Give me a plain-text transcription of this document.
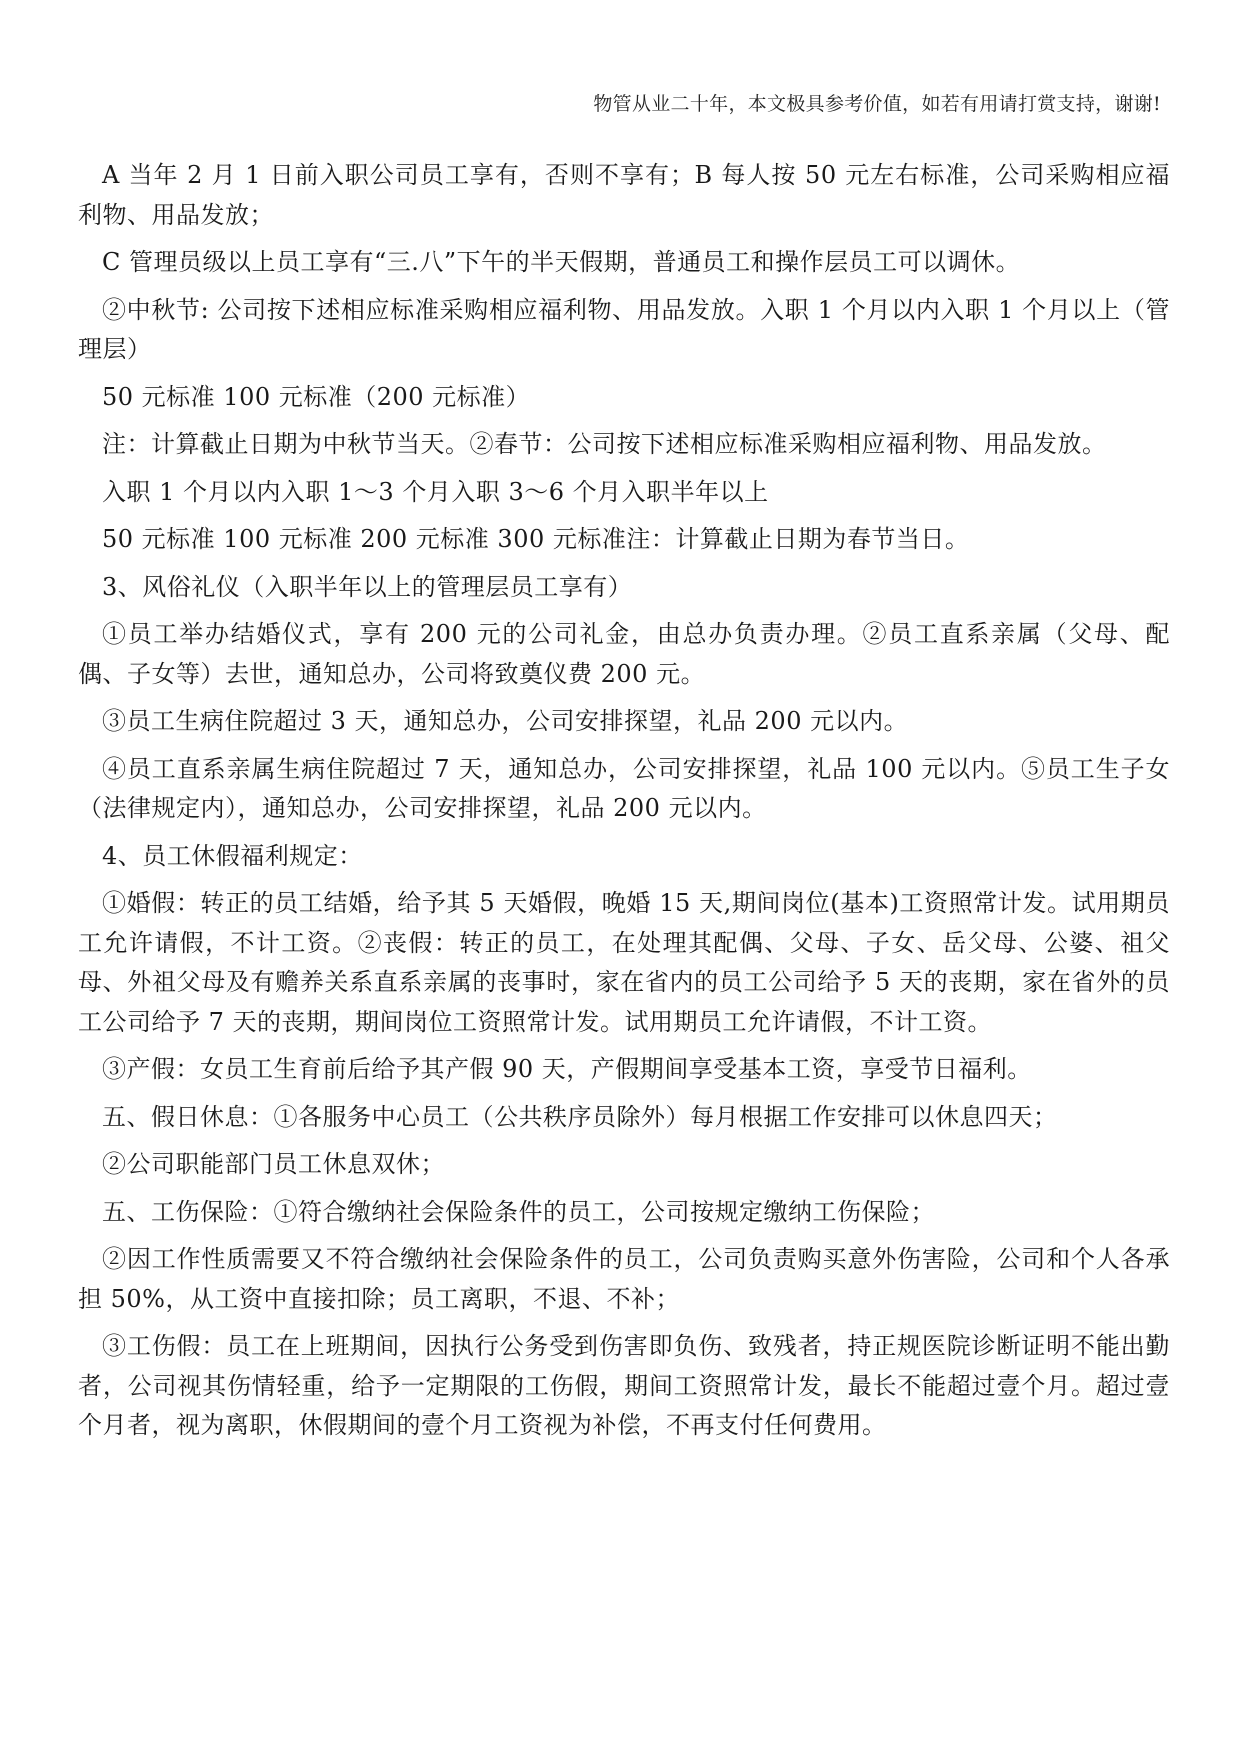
物管从业二十年，本文极具参考价值，如若有用请打赏支持，谢谢!

A 当年 2 月 1 日前入职公司员工享有，否则不享有；B 每人按 50 元左右标准，公司采购相应福利物、用品发放；

C 管理员级以上员工享有“三.八”下午的半天假期，普通员工和操作层员工可以调休。

②中秋节: 公司按下述相应标准采购相应福利物、用品发放。入职 1 个月以内入职 1 个月以上（管理层）

50 元标准 100 元标准（200 元标准）

注：计算截止日期为中秋节当天。②春节：公司按下述相应标准采购相应福利物、用品发放。

入职 1 个月以内入职 1～3 个月入职 3～6 个月入职半年以上

50 元标准 100 元标准 200 元标准 300 元标准注：计算截止日期为春节当日。

3、风俗礼仪（入职半年以上的管理层员工享有）

①员工举办结婚仪式，享有 200 元的公司礼金，由总办负责办理。②员工直系亲属（父母、配偶、子女等）去世，通知总办，公司将致奠仪费 200 元。

③员工生病住院超过 3 天，通知总办，公司安排探望，礼品 200 元以内。

④员工直系亲属生病住院超过 7 天，通知总办，公司安排探望，礼品 100 元以内。⑤员工生子女（法律规定内），通知总办，公司安排探望，礼品 200 元以内。

4、员工休假福利规定：

①婚假：转正的员工结婚，给予其 5 天婚假，晚婚 15 天,期间岗位(基本)工资照常计发。试用期员工允许请假，不计工资。②丧假：转正的员工，在处理其配偶、父母、子女、岳父母、公婆、祖父母、外祖父母及有赡养关系直系亲属的丧事时，家在省内的员工公司给予 5 天的丧期，家在省外的员工公司给予 7 天的丧期，期间岗位工资照常计发。试用期员工允许请假，不计工资。

③产假：女员工生育前后给予其产假 90 天，产假期间享受基本工资，享受节日福利。

五、假日休息：①各服务中心员工（公共秩序员除外）每月根据工作安排可以休息四天；

②公司职能部门员工休息双休；

五、工伤保险：①符合缴纳社会保险条件的员工，公司按规定缴纳工伤保险；

②因工作性质需要又不符合缴纳社会保险条件的员工，公司负责购买意外伤害险，公司和个人各承担 50%，从工资中直接扣除；员工离职，不退、不补；

③工伤假：员工在上班期间，因执行公务受到伤害即负伤、致残者，持正规医院诊断证明不能出勤者，公司视其伤情轻重，给予一定期限的工伤假，期间工资照常计发，最长不能超过壹个月。超过壹个月者，视为离职，休假期间的壹个月工资视为补偿，不再支付任何费用。
